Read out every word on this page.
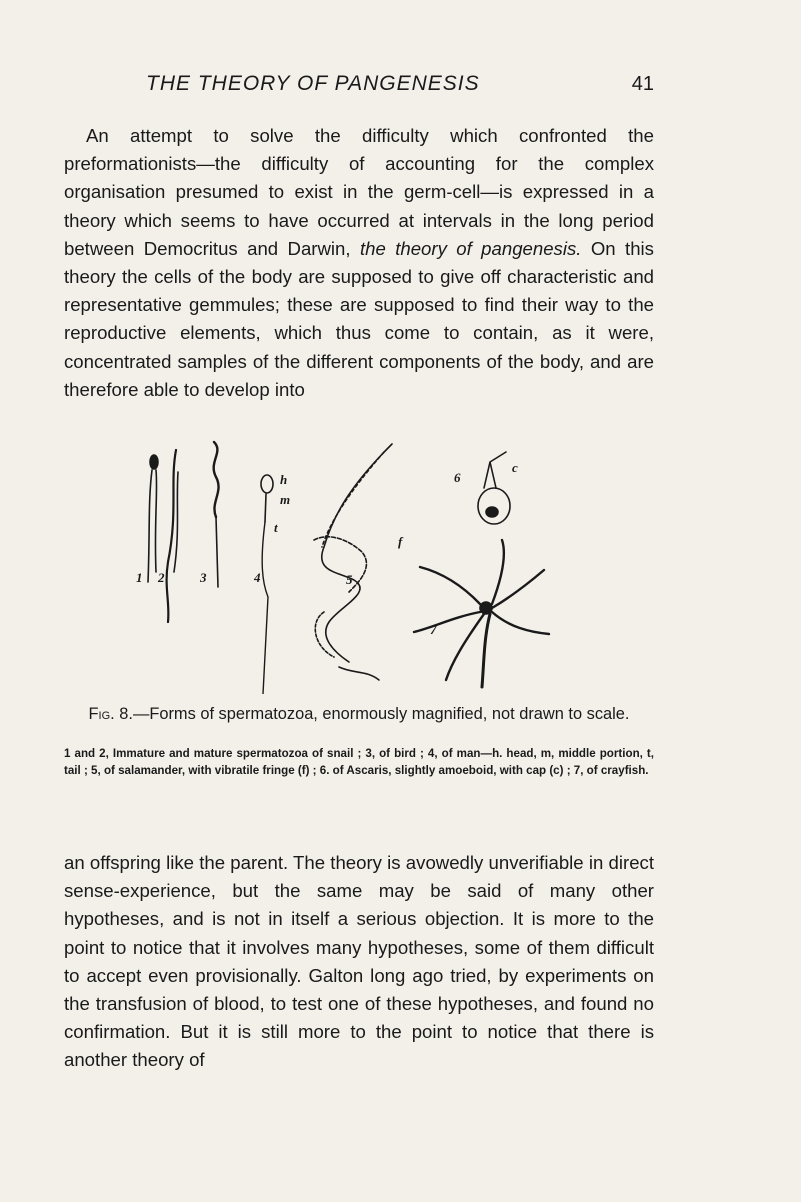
THE THEORY OF PANGENESIS	41

An attempt to solve the difficulty which confronted the preformationists—the difficulty of accounting for the complex organisation presumed to exist in the germ-cell—is expressed in a theory which seems to have occurred at intervals in the long period between Democritus and Darwin, the theory of pangenesis. On this theory the cells of the body are supposed to give off characteristic and representative gemmules; these are supposed to find their way to the reproductive elements, which thus come to contain, as it were, concentrated samples of the different components of the body, and are therefore able to develop into

1 2	3	4
h
m
t
f
5
6
c
7

Fig. 8.—Forms of spermatozoa, enormously magnified, not drawn to scale.

1 and 2, Immature and mature spermatozoa of snail ; 3, of bird ; 4, of man—h. head, m, middle portion, t, tail ; 5, of salamander, with vibratile fringe (f) ; 6. of Ascaris, slightly amoeboid, with cap (c) ; 7, of crayfish.

an offspring like the parent. The theory is avowedly unverifiable in direct sense-experience, but the same may be said of many other hypotheses, and is not in itself a serious objection. It is more to the point to notice that it involves many hypotheses, some of them difficult to accept even provisionally. Galton long ago tried, by experiments on the transfusion of blood, to test one of these hypotheses, and found no confirmation. But it is still more to the point to notice that there is another theory of
